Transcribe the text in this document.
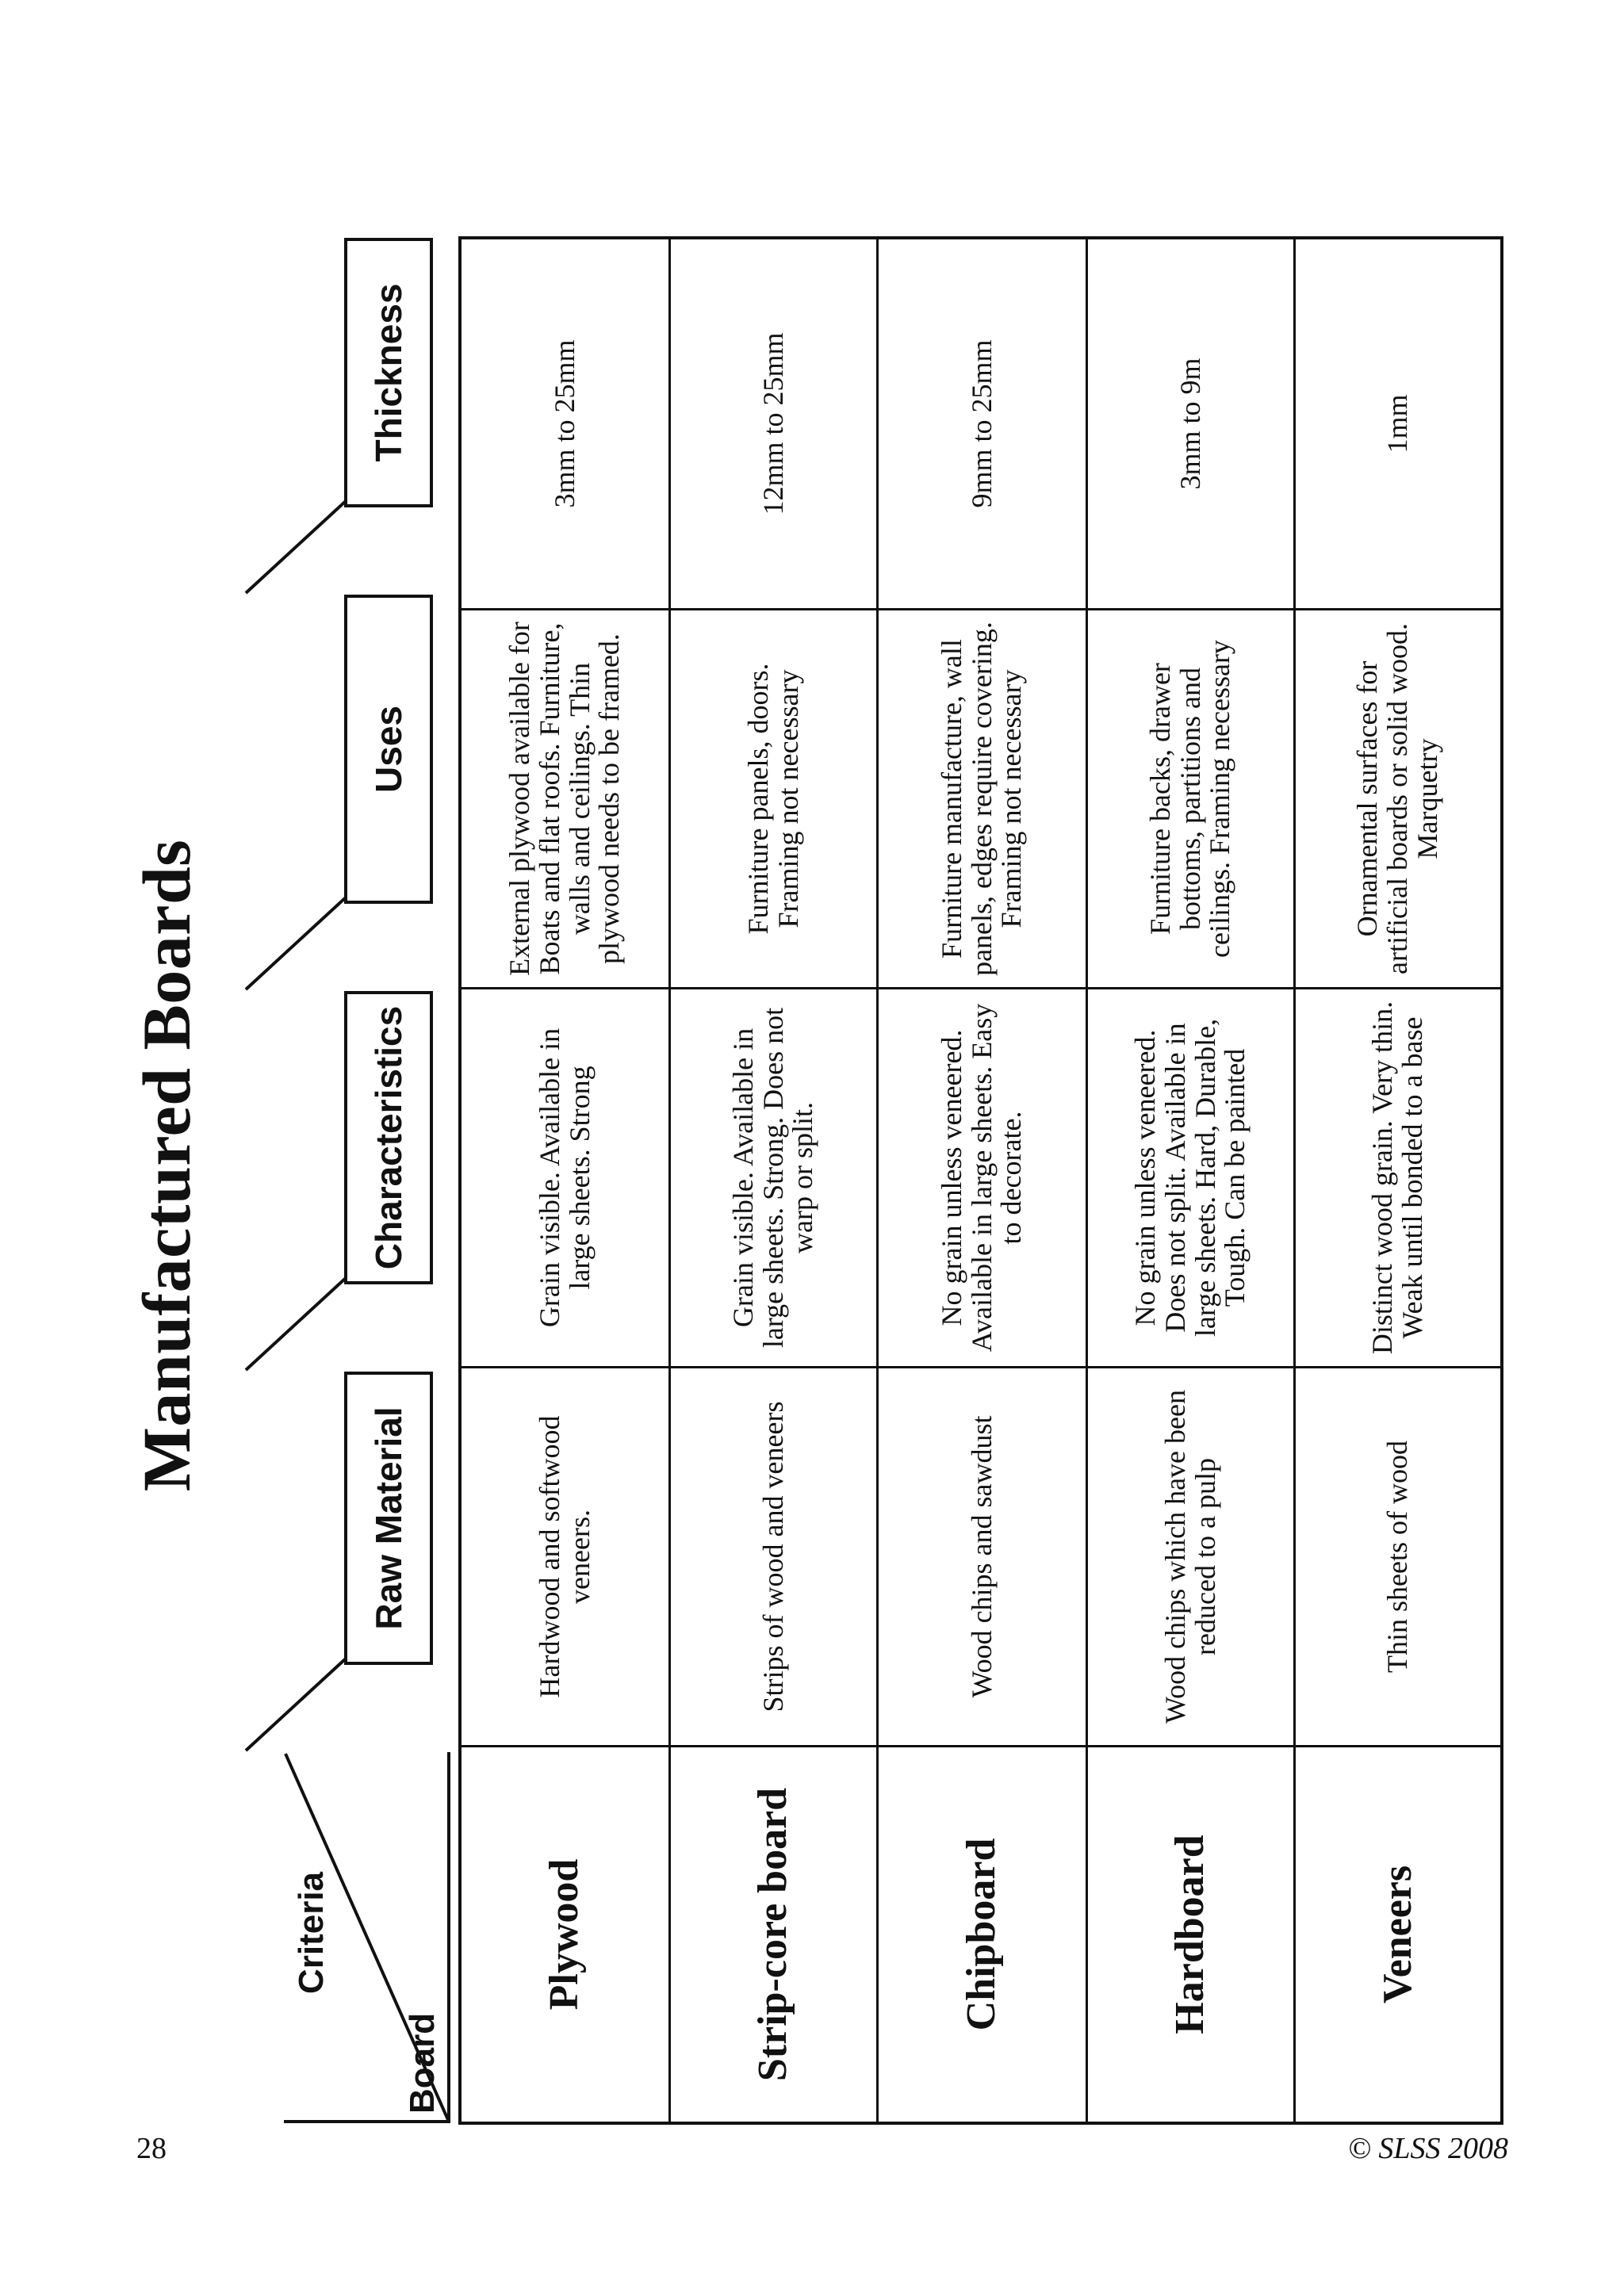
28	© SLSS 2008
Manufactured Boards
Criteria
Board
Raw Material
Characteristics
Uses
Thickness
Plywood
Hardwood and softwood veneers.
Grain visible. Available in large sheets. Strong
External plywood available for Boats and flat roofs. Furniture, walls and ceilings. Thin plywood needs to be framed.
3mm to 25mm
Strip-core board
Strips of wood and veneers
Grain visible. Available in large sheets. Strong. Does not warp or split.
Furniture panels, doors. Framing not necessary
12mm to 25mm
Chipboard
Wood chips and sawdust
No grain unless veneered. Available in large sheets. Easy to decorate.
Furniture manufacture, wall panels, edges require covering. Framing not necessary
9mm to 25mm
Hardboard
Wood chips which have been reduced to a pulp
No grain unless veneered. Does not split. Available in large sheets. Hard, Durable, Tough. Can be painted
Furniture backs, drawer bottoms, partitions and ceilings. Framing necessary
3mm to 9m
Veneers
Thin sheets of wood
Distinct wood grain. Very thin. Weak until bonded to a base
Ornamental surfaces for artificial boards or solid wood. Marquetry
1mm
